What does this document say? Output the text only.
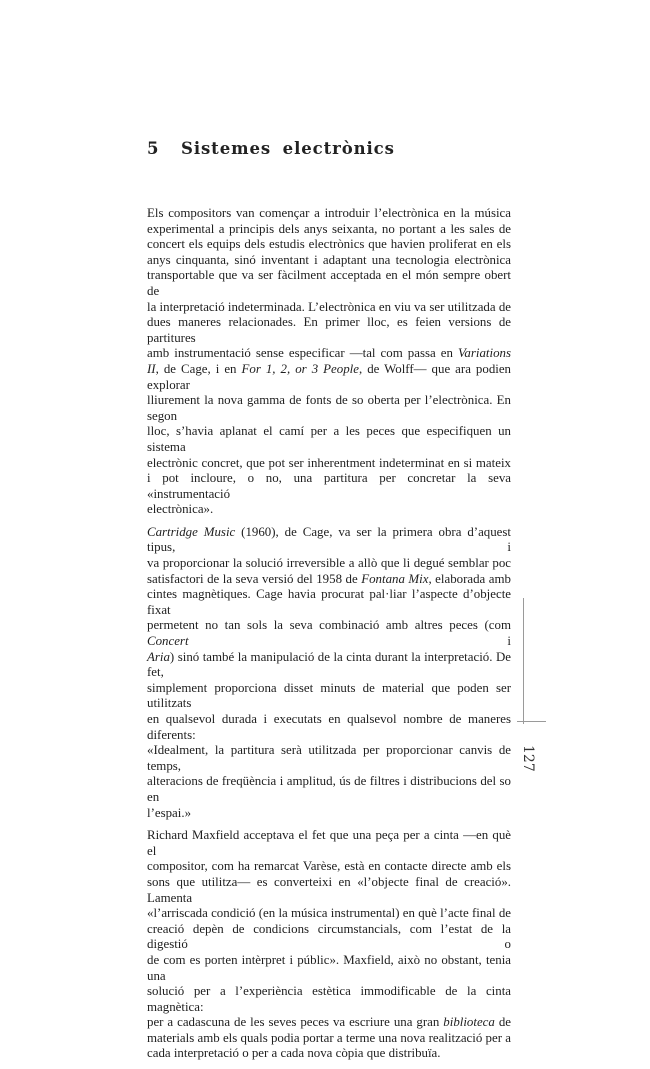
5 Sistemes electrònics
Els compositors van començar a introduir l’electrònica en la música
experimental a principis dels anys seixanta, no portant a les sales de
concert els equips dels estudis electrònics que havien proliferat en els
anys cinquanta, sinó inventant i adaptant una tecnologia electrònica
transportable que va ser fàcilment acceptada en el món sempre obert de
la interpretació indeterminada. L’electrònica en viu va ser utilitzada de
dues maneres relacionades. En primer lloc, es feien versions de partitures
amb instrumentació sense especificar —tal com passa en Variations
II, de Cage, i en For 1, 2, or 3 People, de Wolff— que ara podien explorar
lliurement la nova gamma de fonts de so oberta per l’electrònica. En segon
lloc, s’havia aplanat el camí per a les peces que especifiquen un sistema
electrònic concret, que pot ser inherentment indeterminat en si mateix
i pot incloure, o no, una partitura per concretar la seva «instrumentació
electrònica».
Cartridge Music (1960), de Cage, va ser la primera obra d’aquest tipus, i
va proporcionar la solució irreversible a allò que li degué semblar poc
satisfactori de la seva versió del 1958 de Fontana Mix, elaborada amb
cintes magnètiques. Cage havia procurat pal·liar l’aspecte d’objecte fixat
permetent no tan sols la seva combinació amb altres peces (com Concert i
Aria) sinó també la manipulació de la cinta durant la interpretació. De fet,
simplement proporciona disset minuts de material que poden ser utilitzats
en qualsevol durada i executats en qualsevol nombre de maneres diferents:
«Idealment, la partitura serà utilitzada per proporcionar canvis de temps,
alteracions de freqüència i amplitud, ús de filtres i distribucions del so en
l’espai.»
Richard Maxfield acceptava el fet que una peça per a cinta —en què el
compositor, com ha remarcat Varèse, està en contacte directe amb els
sons que utilitza— es converteixi en «l’objecte final de creació». Lamenta
«l’arriscada condició (en la música instrumental) en què l’acte final de
creació depèn de condicions circumstancials, com l’estat de la digestió o
de com es porten intèrpret i públic». Maxfield, això no obstant, tenia una
solució per a l’experiència estètica immodificable de la cinta magnètica:
per a cadascuna de les seves peces va escriure una gran biblioteca de
materials amb els quals podia portar a terme una nova realització per a
cada interpretació o per a cada nova còpia que distribuïa.
127
